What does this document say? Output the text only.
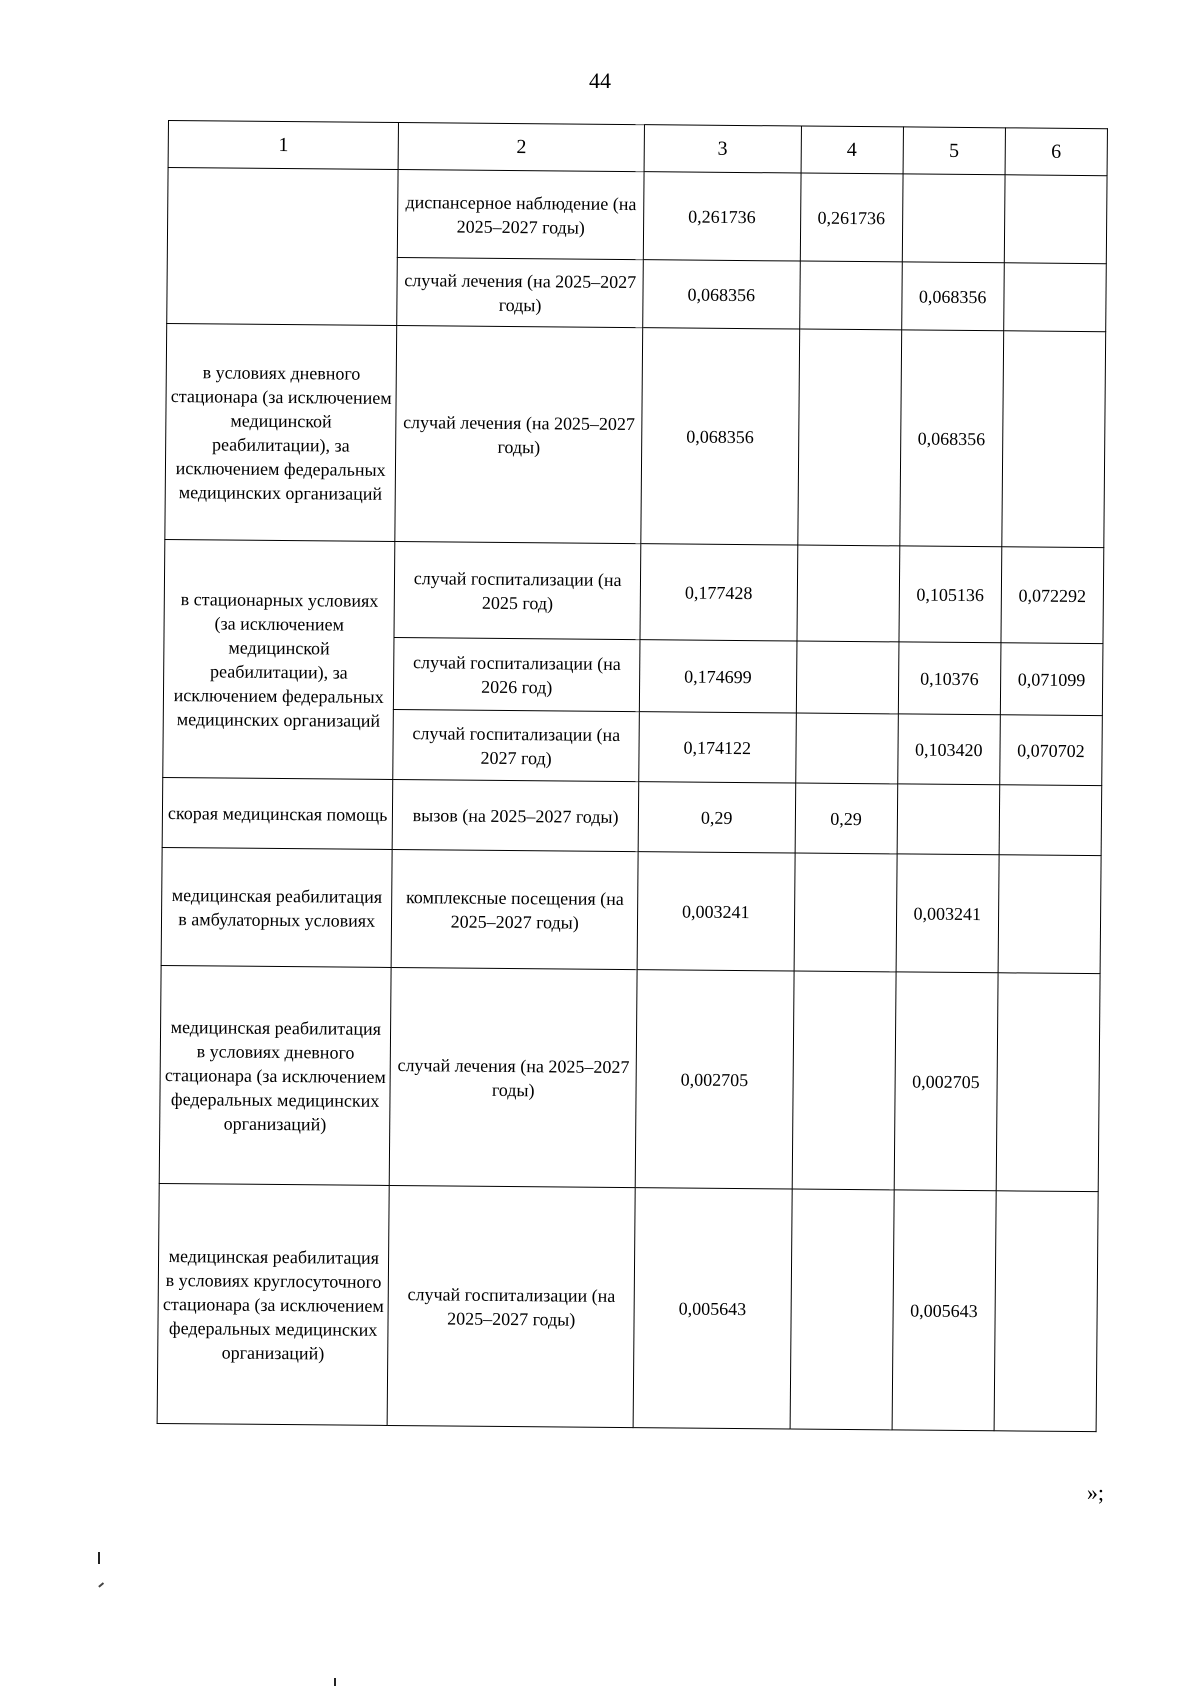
44
1	2	3	4	5	6
	диспансерное наблюдение (на 2025–2027 годы)	0,261736	0,261736		
	случай лечения (на 2025–2027 годы)	0,068356		0,068356	
в условиях дневного стационара (за исключением медицинской реабилитации), за исключением федеральных медицинских организаций	случай лечения (на 2025–2027 годы)	0,068356		0,068356	
в стационарных условиях (за исключением медицинской реабилитации), за исключением федеральных медицинских организаций	случай госпитализации (на 2025 год)	0,177428		0,105136	0,072292
	случай госпитализации (на 2026 год)	0,174699		0,10376	0,071099
	случай госпитализации (на 2027 год)	0,174122		0,103420	0,070702
скорая медицинская помощь	вызов (на 2025–2027 годы)	0,29	0,29		
медицинская реабилитация в амбулаторных условиях	комплексные посещения (на 2025–2027 годы)	0,003241		0,003241	
медицинская реабилитация в условиях дневного стационара (за исключением федеральных медицинских организаций)	случай лечения (на 2025–2027 годы)	0,002705		0,002705	
медицинская реабилитация в условиях круглосуточного стационара (за исключением федеральных медицинских организаций)	случай госпитализации (на 2025–2027 годы)	0,005643		0,005643	
»;
